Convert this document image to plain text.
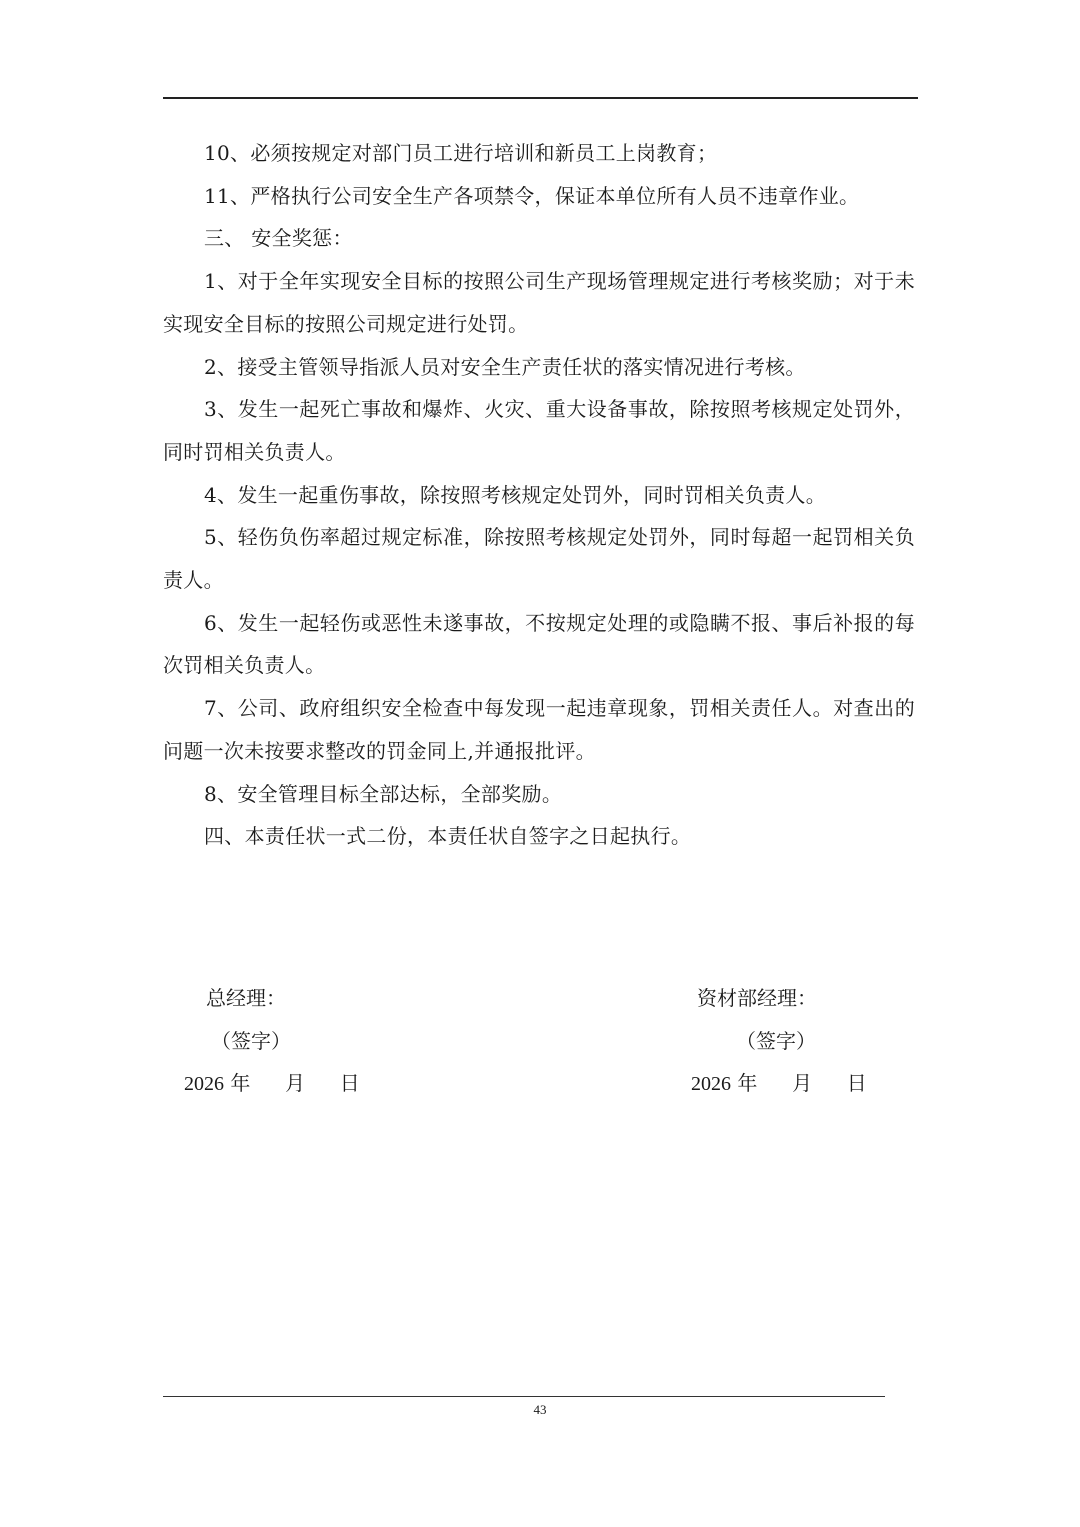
10、必须按规定对部门员工进行培训和新员工上岗教育；

11、严格执行公司安全生产各项禁令，保证本单位所有人员不违章作业。

三、 安全奖惩：

1、对于全年实现安全目标的按照公司生产现场管理规定进行考核奖励；对于未实现安全目标的按照公司规定进行处罚。

2、接受主管领导指派人员对安全生产责任状的落实情况进行考核。

3、发生一起死亡事故和爆炸、火灾、重大设备事故，除按照考核规定处罚外，同时罚相关负责人。

4、发生一起重伤事故，除按照考核规定处罚外，同时罚相关负责人。

5、轻伤负伤率超过规定标准，除按照考核规定处罚外，同时每超一起罚相关负责人。

6、发生一起轻伤或恶性未遂事故，不按规定处理的或隐瞒不报、事后补报的每次罚相关负责人。

7、公司、政府组织安全检查中每发现一起违章现象，罚相关责任人。对查出的问题一次未按要求整改的罚金同上,并通报批评。

8、安全管理目标全部达标，全部奖励。

四、本责任状一式二份，本责任状自签字之日起执行。

总经理：
（签字）
2026 年 月 日
资材部经理：
（签字）
2026 年 月 日
43
